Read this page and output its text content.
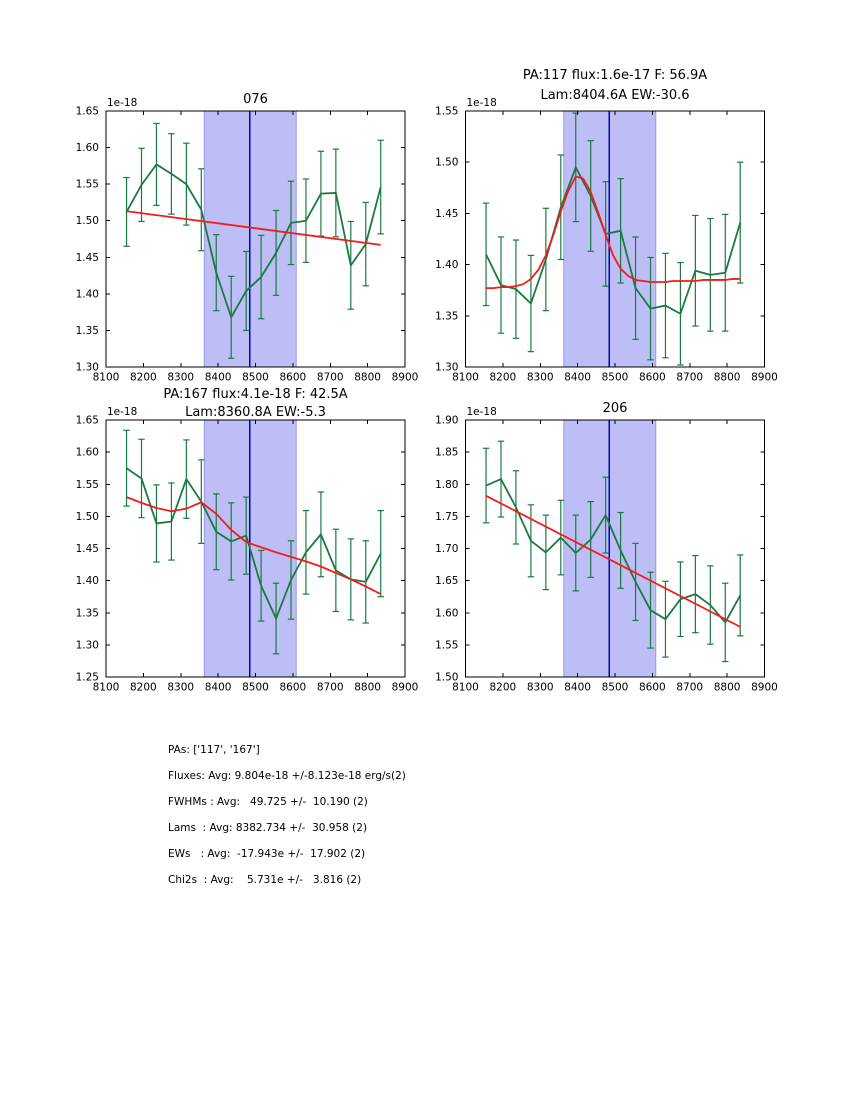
8100 8200 8300 8400 8500 8600 8700 8800 8900
1.30
1.35
1.40
1.45
1.50
1.55
1.60
1.65
1e-18	076
8100 8200 8300 8400 8500 8600 8700 8800 8900
1.30
1.35
1.40
1.45
1.50
1.55
1e-18
PA:117 flux:1.6e-17 F: 56.9A
Lam:8404.6A EW:-30.6
8100 8200 8300 8400 8500 8600 8700 8800 8900
1.25
1.30
1.35
1.40
1.45
1.50
1.55
1.60
1.65
1e-18
PA:167 flux:4.1e-18 F: 42.5A
Lam:8360.8A EW:-5.3
8100 8200 8300 8400 8500 8600 8700 8800 8900
1.50
1.55
1.60
1.65
1.70
1.75
1.80
1.85
1.90
1e-18	206
PAs: ['117', '167']
Fluxes: Avg: 9.804e-18 +/-8.123e-18 erg/s(2)
FWHMs : Avg:   49.725 +/-  10.190 (2)
Lams  : Avg: 8382.734 +/-  30.958 (2)
EWs   : Avg:  -17.943e +/-  17.902 (2)
Chi2s  : Avg:    5.731e +/-   3.816 (2)
